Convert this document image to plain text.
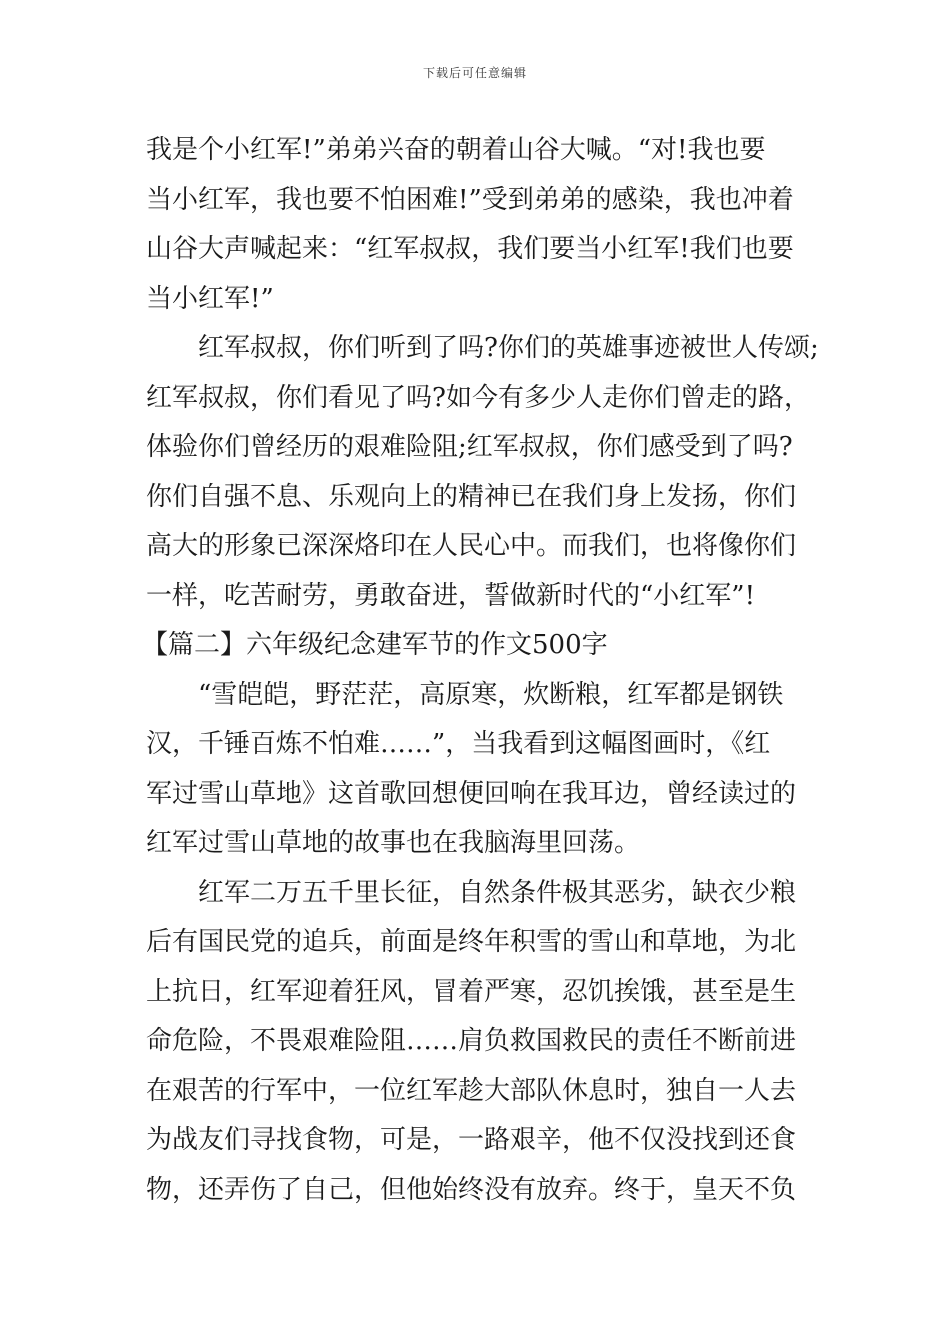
下载后可任意编辑
我是个小红军!”弟弟兴奋的朝着山谷大喊。“对!我也要
当小红军，我也要不怕困难!”受到弟弟的感染，我也冲着
山谷大声喊起来：“红军叔叔，我们要当小红军!我们也要
当小红军!”
　　红军叔叔，你们听到了吗?你们的英雄事迹被世人传颂;
红军叔叔，你们看见了吗?如今有多少人走你们曾走的路，
体验你们曾经历的艰难险阻;红军叔叔，你们感受到了吗?
你们自强不息、乐观向上的精神已在我们身上发扬，你们
高大的形象已深深烙印在人民心中。而我们，也将像你们
一样，吃苦耐劳，勇敢奋进，誓做新时代的“小红军”!
【篇二】六年级纪念建军节的作文500字
　　“雪皑皑，野茫茫，高原寒，炊断粮，红军都是钢铁
汉，千锤百炼不怕难……”，当我看到这幅图画时，《红
军过雪山草地》这首歌回想便回响在我耳边，曾经读过的
红军过雪山草地的故事也在我脑海里回荡。
　　红军二万五千里长征，自然条件极其恶劣，缺衣少粮
后有国民党的追兵，前面是终年积雪的雪山和草地，为北
上抗日，红军迎着狂风，冒着严寒，忍饥挨饿，甚至是生
命危险，不畏艰难险阻……肩负救国救民的责任不断前进
在艰苦的行军中，一位红军趁大部队休息时，独自一人去
为战友们寻找食物，可是，一路艰辛，他不仅没找到还食
物，还弄伤了自己，但他始终没有放弃。终于，皇天不负
